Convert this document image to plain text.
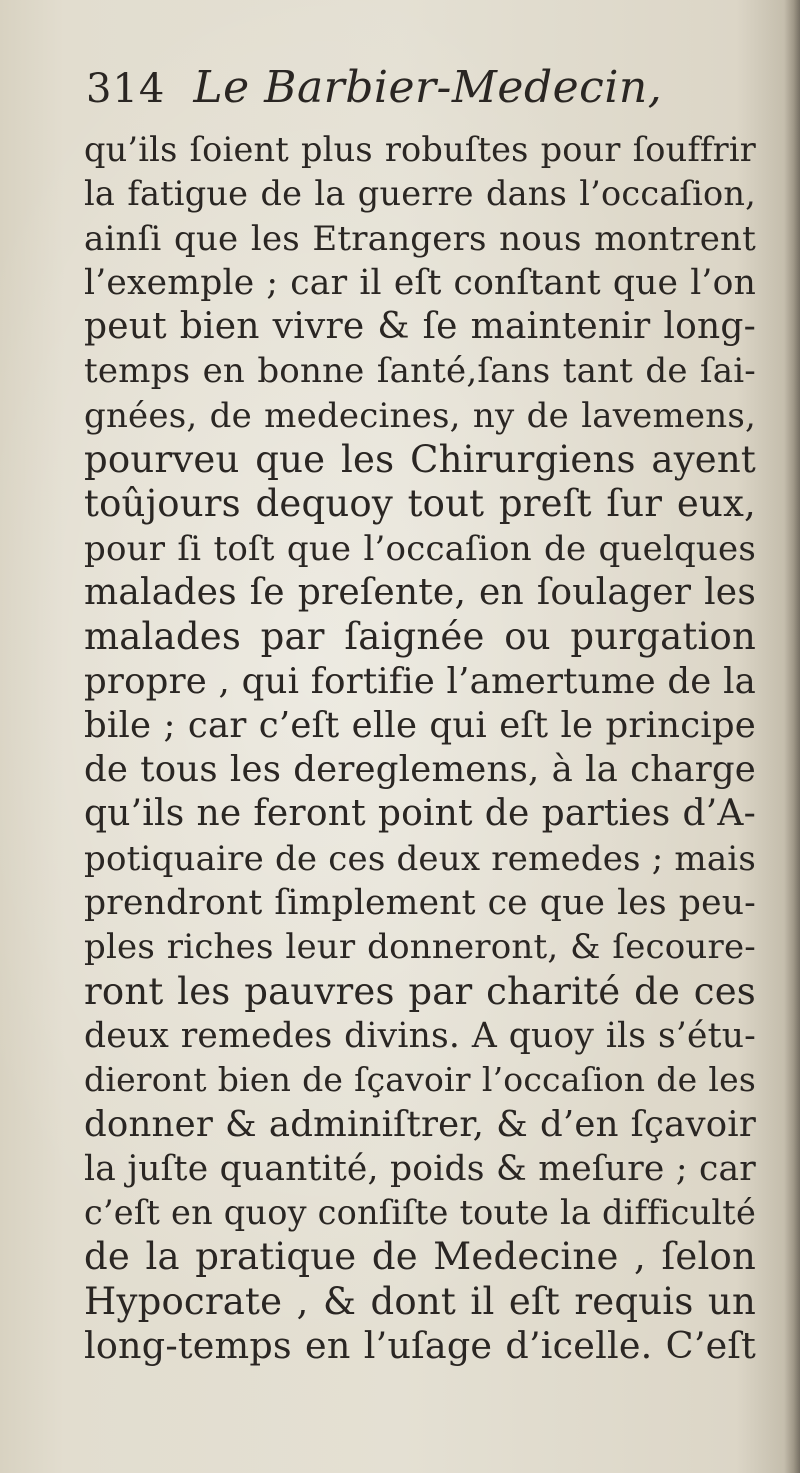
314 Le Barbier-Medecin,
qu’ils ſoient plus robuſtes pour ſouffrir
la fatigue de la guerre dans l’occaſion,
ainſi que les Etrangers nous montrent
l’exemple ; car il eſt conſtant que l’on
peut bien vivre & ſe maintenir long-
temps en bonne ſanté,ſans tant de ſai-
gnées, de medecines, ny de lavemens,
pourveu que les Chirurgiens ayent
toûjours dequoy tout preſt ſur eux,
pour ſi toſt que l’occaſion de quelques
malades ſe preſente, en ſoulager les
malades par ſaignée ou purgation
propre , qui fortifie l’amertume de la
bile ; car c’eſt elle qui eſt le principe
de tous les dereglemens, à la charge
qu’ils ne feront point de parties d’A-
potiquaire de ces deux remedes ; mais
prendront ſimplement ce que les peu-
ples riches leur donneront, & ſecoure-
ront les pauvres par charité de ces
deux remedes divins. A quoy ils s’étu-
dieront bien de ſçavoir l’occaſion de les
donner & adminiſtrer, & d’en ſçavoir
la juſte quantité, poids & meſure ; car
c’eſt en quoy conſiſte toute la difficulté
de la pratique de Medecine , ſelon
Hypocrate , & dont il eſt requis un
long-temps en l’uſage d’icelle. C’eſt
